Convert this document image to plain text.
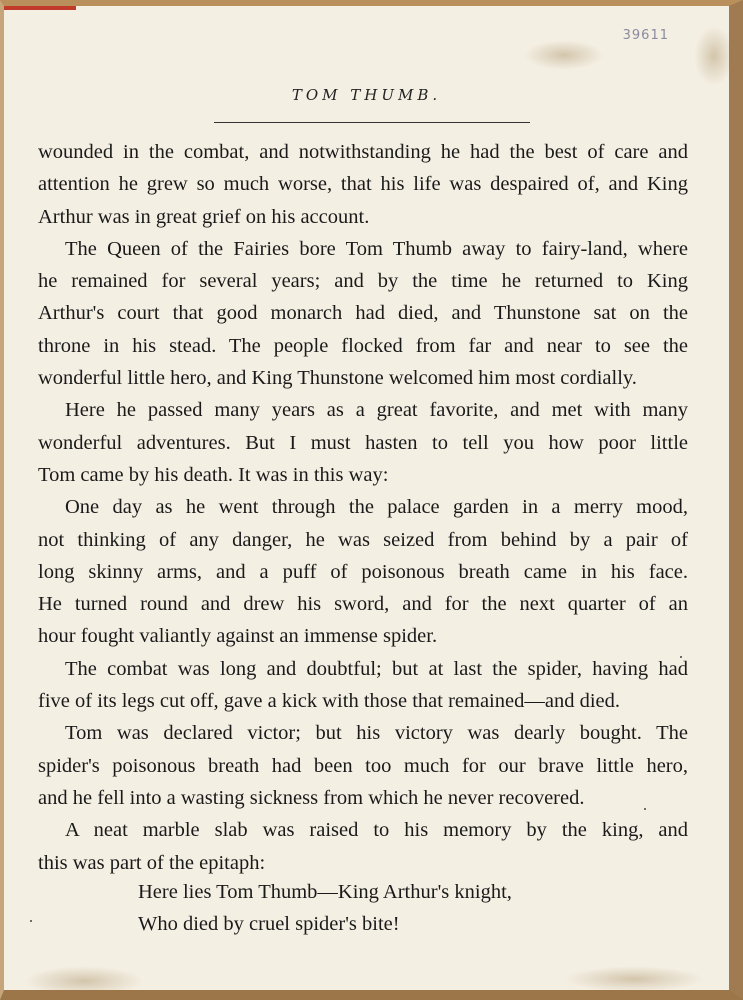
39611
TOM THUMB.
wounded in the combat, and notwithstanding he had the best of care and
attention he grew so much worse, that his life was despaired of, and King
Arthur was in great grief on his account.
The Queen of the Fairies bore Tom Thumb away to fairy-land, where
he remained for several years; and by the time he returned to King
Arthur's court that good monarch had died, and Thunstone sat on the
throne in his stead. The people flocked from far and near to see the
wonderful little hero, and King Thunstone welcomed him most cordially.
Here he passed many years as a great favorite, and met with many
wonderful adventures. But I must hasten to tell you how poor little
Tom came by his death. It was in this way:
One day as he went through the palace garden in a merry mood,
not thinking of any danger, he was seized from behind by a pair of
long skinny arms, and a puff of poisonous breath came in his face.
He turned round and drew his sword, and for the next quarter of an
hour fought valiantly against an immense spider.
The combat was long and doubtful; but at last the spider, having had
five of its legs cut off, gave a kick with those that remained—and died.
Tom was declared victor; but his victory was dearly bought. The
spider's poisonous breath had been too much for our brave little hero,
and he fell into a wasting sickness from which he never recovered.
A neat marble slab was raised to his memory by the king, and
this was part of the epitaph:
Here lies Tom Thumb—King Arthur's knight,
Who died by cruel spider's bite!
